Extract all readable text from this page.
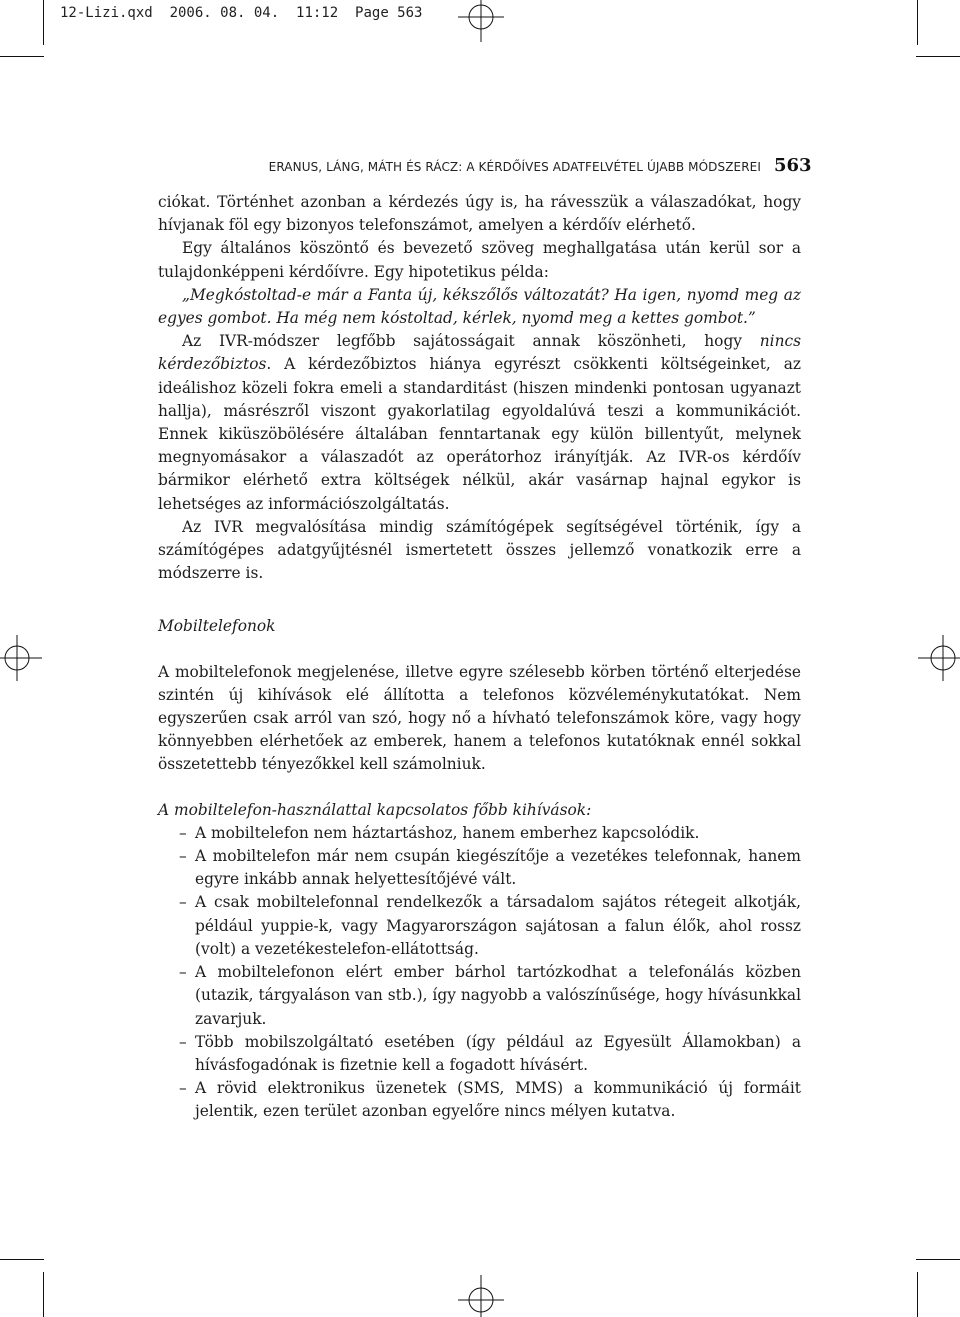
12-Lizi.qxd 2006. 08. 04. 11:12 Page 563
ERANUS, LÁNG, MÁTH ÉS RÁCZ: A KÉRDŐÍVES ADATFELVÉTEL ÚJABB MÓDSZEREI 563

ciókat. Történhet azonban a kérdezés úgy is, ha rávesszük a válaszadókat, hogy hívjanak föl egy bizonyos telefonszámot, amelyen a kérdőív elérhető.

Egy általános köszöntő és bevezető szöveg meghallgatása után kerül sor a tulajdonképpeni kérdőívre. Egy hipotetikus példa:

„Megkóstoltad-e már a Fanta új, kékszőlős változatát? Ha igen, nyomd meg az egyes gombot. Ha még nem kóstoltad, kérlek, nyomd meg a kettes gombot.”

Az IVR-módszer legfőbb sajátosságait annak köszönheti, hogy nincs kérdezőbiztos. A kérdezőbiztos hiánya egyrészt csökkenti költségeinket, az ideálishoz közeli fokra emeli a standarditást (hiszen mindenki pontosan ugyanazt hallja), másrészről viszont gyakorlatilag egyoldalúvá teszi a kommunikációt. Ennek kiküszöbölésére általában fenntartanak egy külön billentyűt, melynek megnyomásakor a válaszadót az operátorhoz irányítják. Az IVR-os kérdőív bármikor elérhető extra költségek nélkül, akár vasárnap hajnal egykor is lehetséges az információszolgáltatás.

Az IVR megvalósítása mindig számítógépek segítségével történik, így a számítógépes adatgyűjtésnél ismertetett összes jellemző vonatkozik erre a módszerre is.

Mobiltelefonok

A mobiltelefonok megjelenése, illetve egyre szélesebb körben történő elterjedése szintén új kihívások elé állította a telefonos közvéleménykutatókat. Nem egyszerűen csak arról van szó, hogy nő a hívható telefonszámok köre, vagy hogy könnyebben elérhetőek az emberek, hanem a telefonos kutatóknak ennél sokkal összetettebb tényezőkkel kell számolniuk.

A mobiltelefon-használattal kapcsolatos főbb kihívások:

– A mobiltelefon nem háztartáshoz, hanem emberhez kapcsolódik.
– A mobiltelefon már nem csupán kiegészítője a vezetékes telefonnak, hanem egyre inkább annak helyettesítőjévé vált.
– A csak mobiltelefonnal rendelkezők a társadalom sajátos rétegeit alkotják, például yuppie-k, vagy Magyarországon sajátosan a falun élők, ahol rossz (volt) a vezetékestelefon-ellátottság.
– A mobiltelefonon elért ember bárhol tartózkodhat a telefonálás közben (utazik, tárgyaláson van stb.), így nagyobb a valószínűsége, hogy hívásunkkal zavarjuk.
– Több mobilszolgáltató esetében (így például az Egyesült Államokban) a hívásfogadónak is fizetnie kell a fogadott hívásért.
– A rövid elektronikus üzenetek (SMS, MMS) a kommunikáció új formáit jelentik, ezen terület azonban egyelőre nincs mélyen kutatva.
